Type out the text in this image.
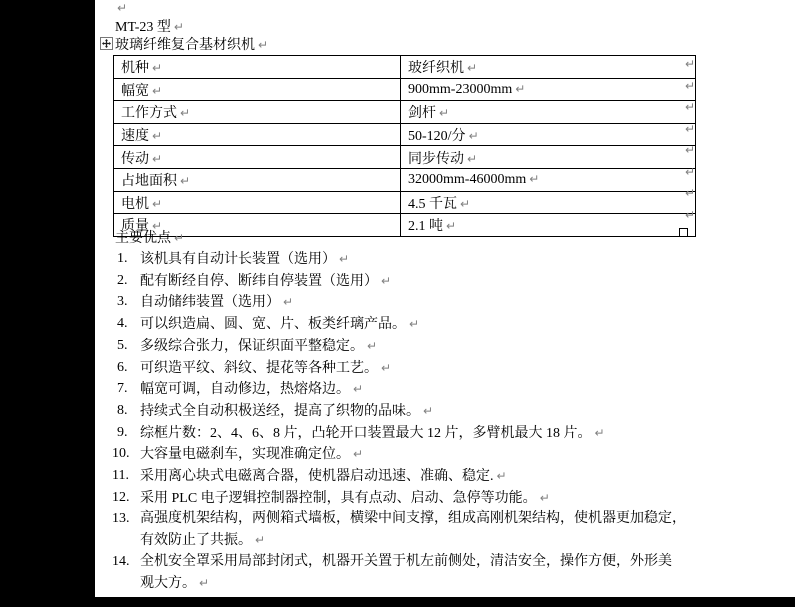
↵
MT-23 型 ↵
玻璃纤维复合基材织机 ↵
机种 ↵	玻纤织机 ↵
幅宽 ↵	900mm-23000mm ↵
工作方式 ↵	剑杆 ↵
速度 ↵	50-120/分 ↵
传动 ↵	同步传动 ↵
占地面积 ↵	32000mm-46000mm ↵
电机 ↵	4.5 千瓦 ↵
质量 ↵	2.1 吨 ↵
↵
↵
↵
↵
↵
↵
↵
↵
主要优点 ↵
1. 该机具有自动计长装置（选用） ↵
2. 配有断经自停、断纬自停装置（选用） ↵
3. 自动储纬装置（选用） ↵
4. 可以织造扁、圆、宽、片、板类纤璃产品。 ↵
5. 多级综合张力，保证织面平整稳定。 ↵
6. 可织造平纹、斜纹、提花等各种工艺。 ↵
7. 幅宽可调，自动修边，热熔烙边。 ↵
8. 持续式全自动积极送经，提高了织物的品味。 ↵
9. 综框片数：2、4、6、8 片，凸轮开口装置最大 12 片，多臂机最大 18 片。 ↵
10. 大容量电磁刹车，实现准确定位。 ↵
11. 采用离心块式电磁离合器，使机器启动迅速、准确、稳定. ↵
12. 采用 PLC 电子逻辑控制器控制，具有点动、启动、急停等功能。 ↵
13. 高强度机架结构，两侧箱式墙板，横梁中间支撑，组成高刚机架结构，使机器更加稳定，
有效防止了共振。 ↵
14. 全机安全罩采用局部封闭式，机器开关置于机左前侧处，清洁安全，操作方便，外形美
观大方。 ↵
